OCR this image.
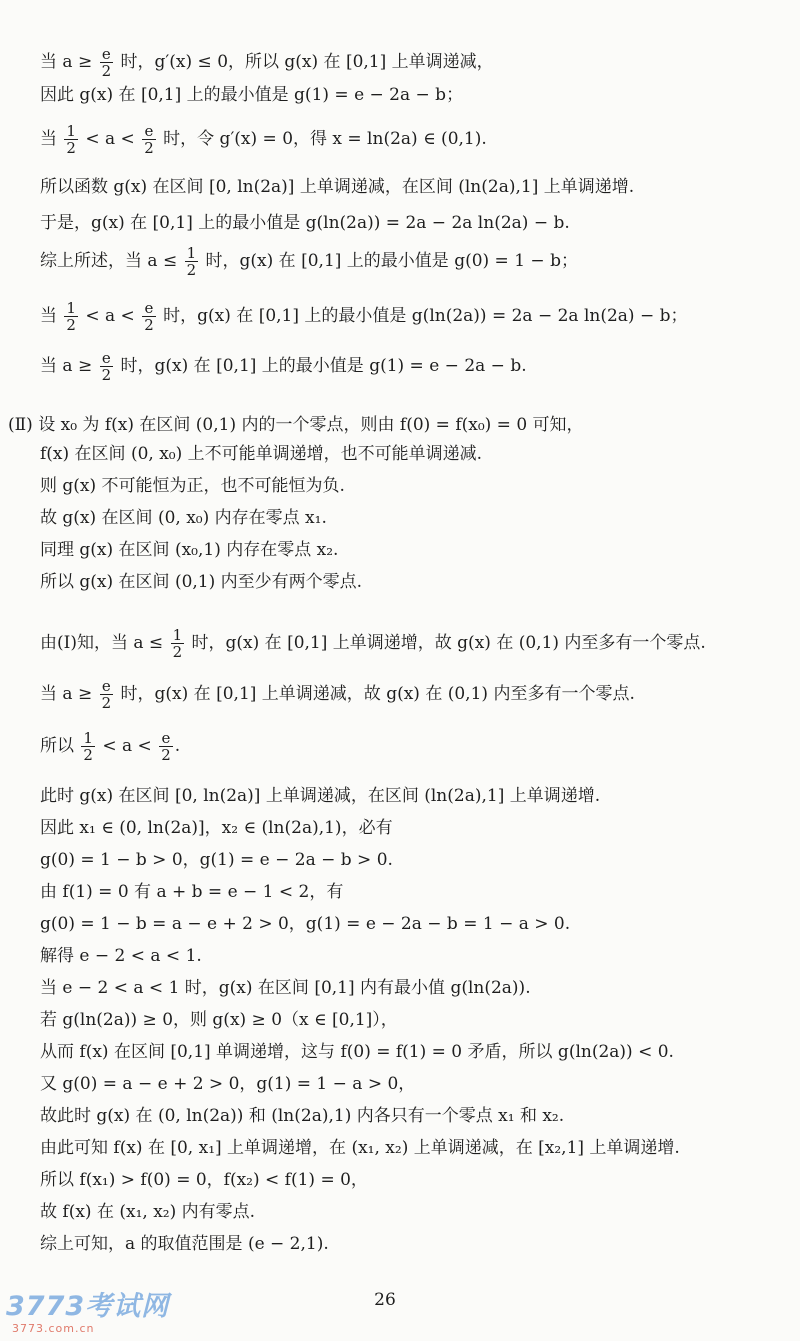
当 $a \ge \frac{e}{2}$ 时，g′(x) ≤ 0，所以 g(x) 在 [0,1] 上单调递减，
因此 g(x) 在 [0,1] 上的最小值是 g(1) = e − 2a − b；
当 $\frac{1}{2} < a < \frac{e}{2}$ 时，令 g′(x) = 0，得 x = ln(2a) ∈ (0,1).
所以函数 g(x) 在区间 [0, ln(2a)] 上单调递减，在区间 (ln(2a),1] 上单调递增.
于是，g(x) 在 [0,1] 上的最小值是 g(ln(2a)) = 2a − 2a ln(2a) − b.
综上所述，当 $a \le \frac{1}{2}$ 时，g(x) 在 [0,1] 上的最小值是 g(0) = 1 − b；
当 $\frac{1}{2} < a < \frac{e}{2}$ 时，g(x) 在 [0,1] 上的最小值是 g(ln(2a)) = 2a − 2a ln(2a) − b；
当 $a \ge \frac{e}{2}$ 时，g(x) 在 [0,1] 上的最小值是 g(1) = e − 2a − b.
(Ⅱ) 设 x₀ 为 f(x) 在区间 (0,1) 内的一个零点，则由 f(0) = f(x₀) = 0 可知，
f(x) 在区间 (0, x₀) 上不可能单调递增，也不可能单调递减.
则 g(x) 不可能恒为正，也不可能恒为负.
故 g(x) 在区间 (0, x₀) 内存在零点 x₁.
同理 g(x) 在区间 (x₀,1) 内存在零点 x₂.
所以 g(x) 在区间 (0,1) 内至少有两个零点.
由(Ⅰ)知，当 $a \le \frac{1}{2}$ 时，g(x) 在 [0,1] 上单调递增，故 g(x) 在 (0,1) 内至多有一个零点.
当 $a \ge \frac{e}{2}$ 时，g(x) 在 [0,1] 上单调递减，故 g(x) 在 (0,1) 内至多有一个零点.
所以 $\frac{1}{2} < a < \frac{e}{2}$ .
此时 g(x) 在区间 [0, ln(2a)] 上单调递减，在区间 (ln(2a),1] 上单调递增.
因此 x₁ ∈ (0, ln(2a)]，x₂ ∈ (ln(2a),1)，必有
g(0) = 1 − b > 0，g(1) = e − 2a − b > 0.
由 f(1) = 0 有 a + b = e − 1 < 2，有
g(0) = 1 − b = a − e + 2 > 0，g(1) = e − 2a − b = 1 − a > 0.
解得 e − 2 < a < 1.
当 e − 2 < a < 1 时，g(x) 在区间 [0,1] 内有最小值 g(ln(2a)).
若 g(ln(2a)) ≥ 0，则 g(x) ≥ 0（x ∈ [0,1]），
从而 f(x) 在区间 [0,1] 单调递增，这与 f(0) = f(1) = 0 矛盾，所以 g(ln(2a)) < 0.
又 g(0) = a − e + 2 > 0，g(1) = 1 − a > 0，
故此时 g(x) 在 (0, ln(2a)) 和 (ln(2a),1) 内各只有一个零点 x₁ 和 x₂.
由此可知 f(x) 在 [0, x₁] 上单调递增，在 (x₁, x₂) 上单调递减，在 [x₂,1] 上单调递增.
所以 f(x₁) > f(0) = 0，f(x₂) < f(1) = 0，
故 f(x) 在 (x₁, x₂) 内有零点.
综上可知，a 的取值范围是 (e − 2,1).
26
3773考试网
3773.com.cn
